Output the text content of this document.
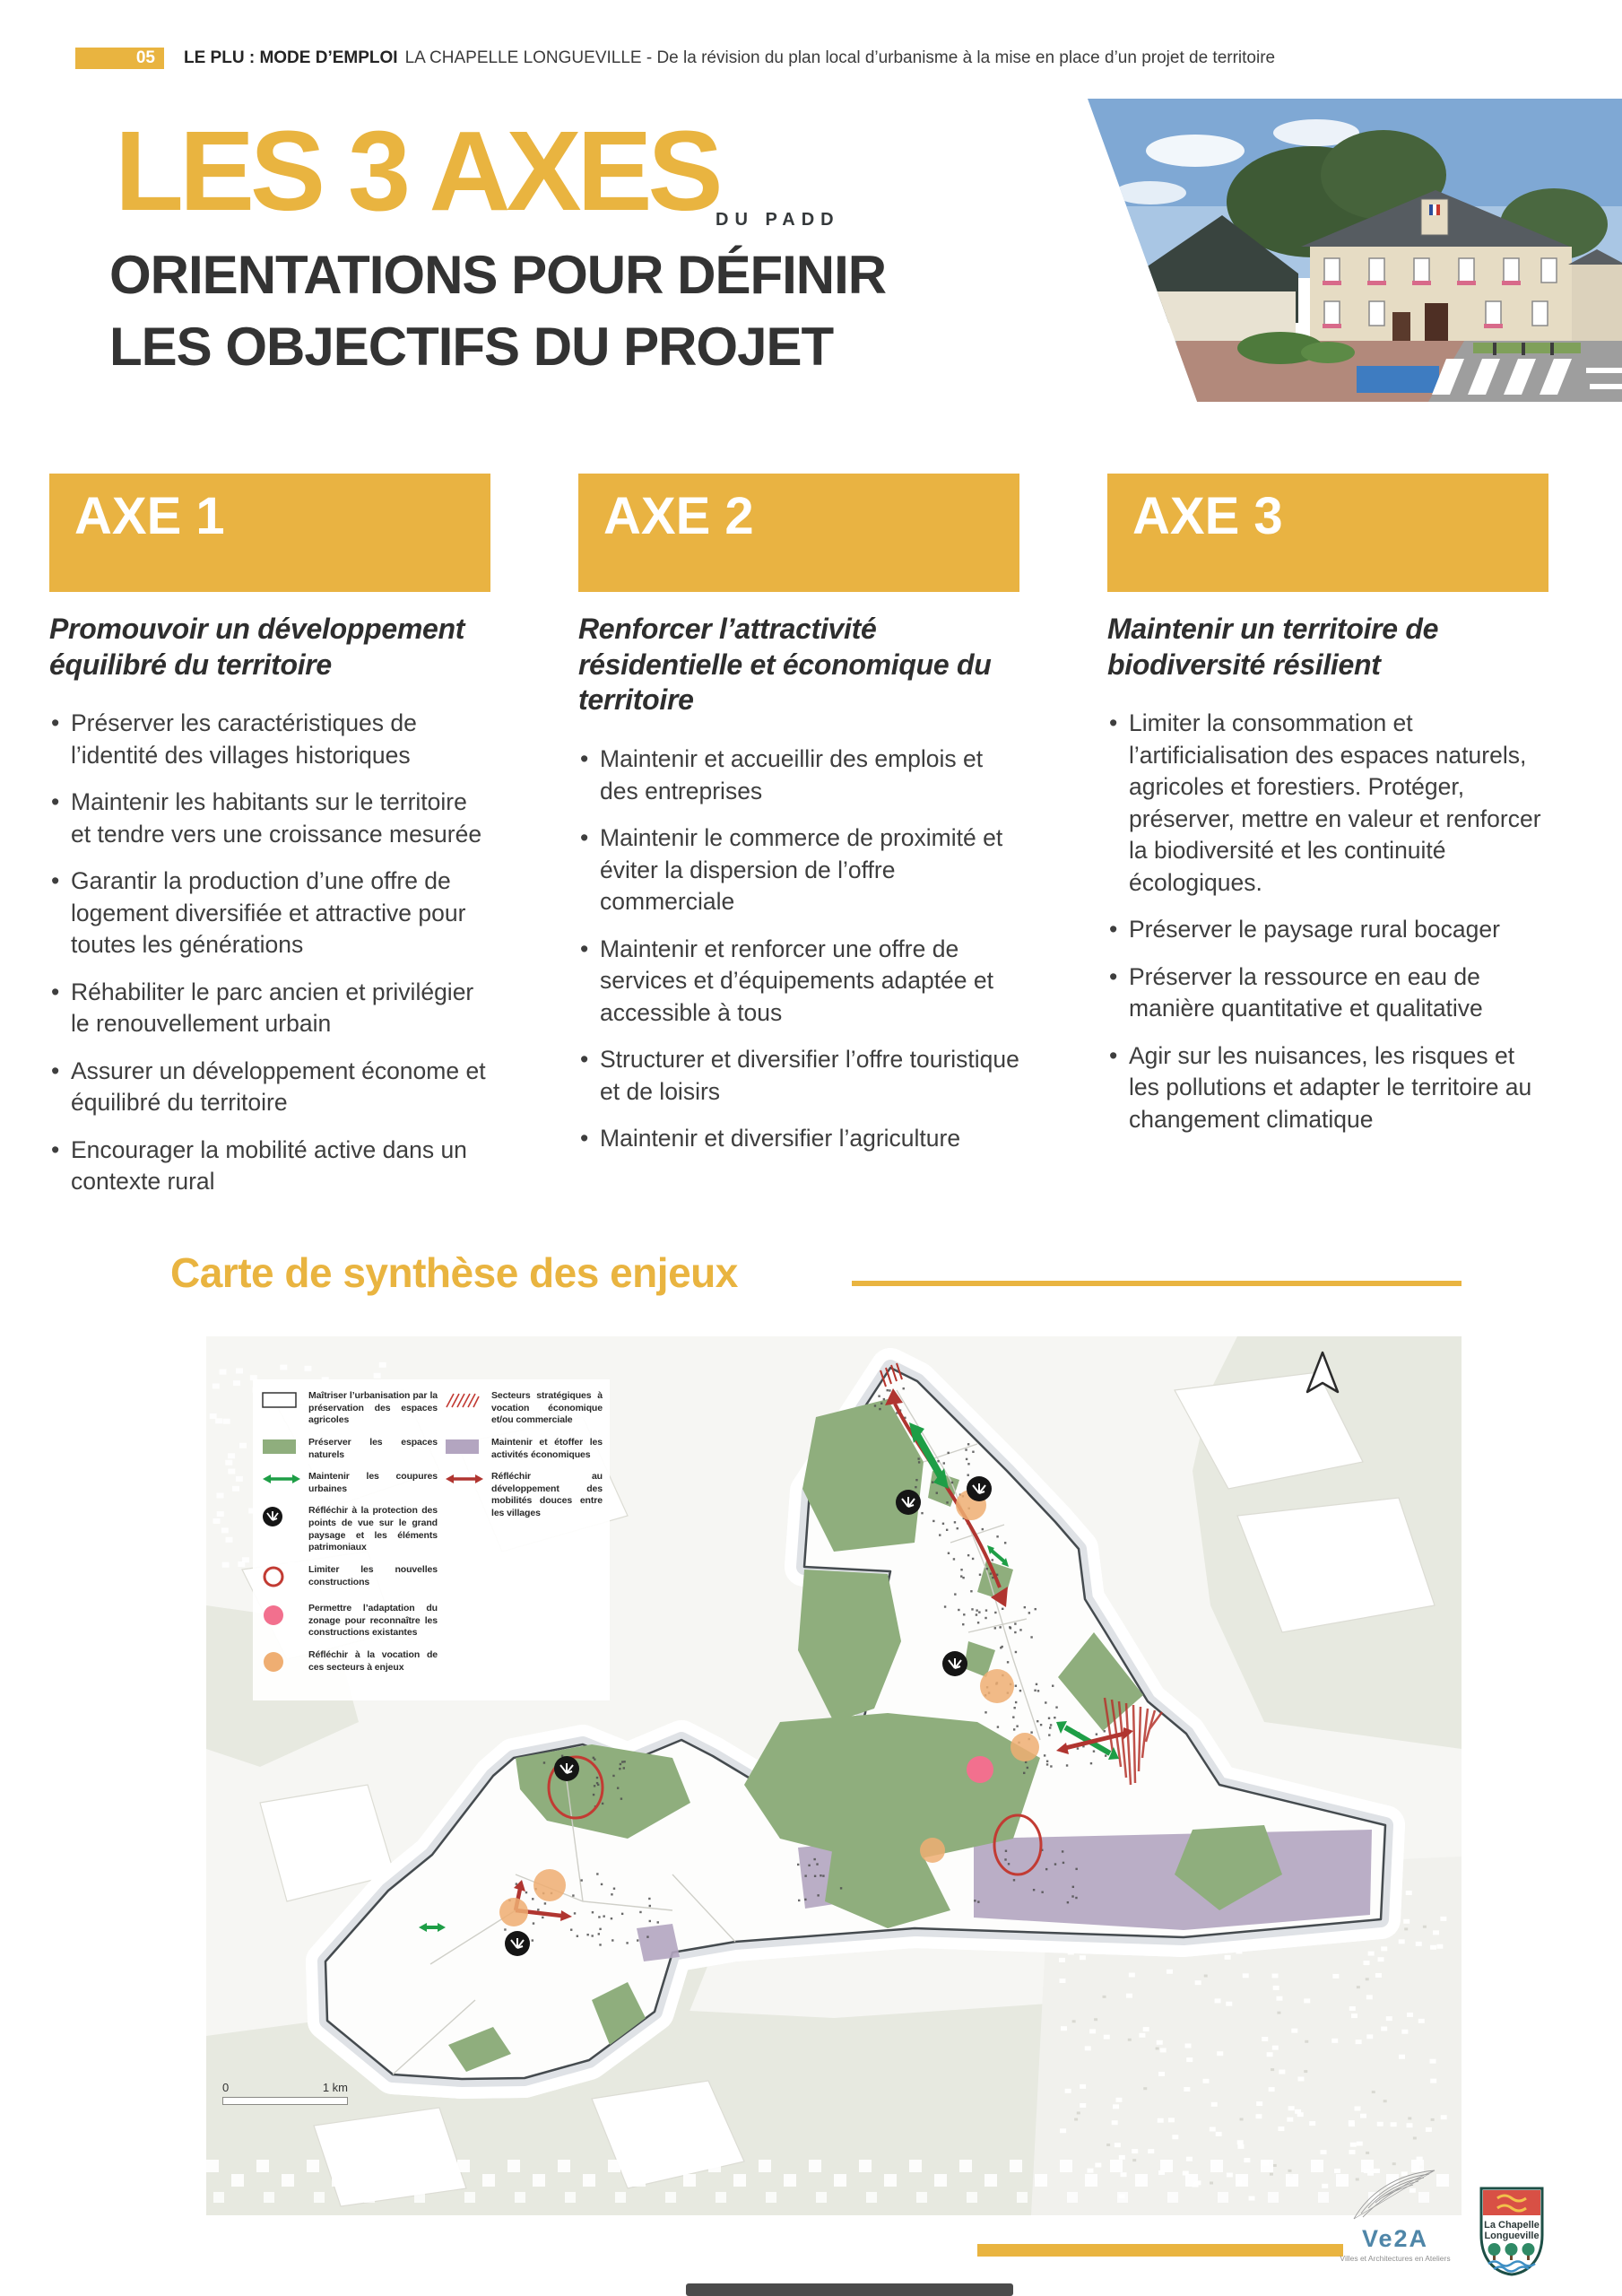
05	LE PLU : MODE D’EMPLOI LA CHAPELLE LONGUEVILLE - De la révision du plan local d’urbanisme à la mise en place d’un projet de territoire
LES 3 AXES
DU PADD
ORIENTATIONS POUR DÉFINIR
LES OBJECTIFS DU PROJET
AXE 1
Promouvoir un développement équilibré du territoire
• Préserver les caractéristiques de l’identité des villages historiques
• Maintenir les habitants sur le territoire et tendre vers une croissance mesurée
• Garantir la production d’une offre de logement diversifiée et attractive pour toutes les générations
• Réhabiliter le parc ancien et privilégier le renouvellement urbain
• Assurer un développement économe et équilibré du territoire
• Encourager la mobilité active dans un contexte rural
AXE 2
Renforcer l’attractivité résidentielle et économique du territoire
• Maintenir et accueillir des emplois et des entreprises
• Maintenir le commerce de proximité et éviter la dispersion de l’offre commerciale
• Maintenir et renforcer une offre de services et d’équipements adaptée et accessible à tous
• Structurer et diversifier l’offre touristique et de loisirs
• Maintenir et diversifier l’agriculture
AXE 3
Maintenir un territoire de biodiversité résilient
• Limiter la consommation et l’artificialisation des espaces naturels, agricoles et forestiers. Protéger, préserver, mettre en valeur et renforcer la biodiversité et les continuité écologiques.
• Préserver le paysage rural bocager
• Préserver la ressource en eau de manière quantitative et qualitative
• Agir sur les nuisances, les risques et les pollutions et adapter le territoire au changement climatique
Carte de synthèse des enjeux
Maîtriser l’urbanisation par la préservation des espaces agricoles
Préserver les espaces naturels
Maintenir les coupures urbaines
Réfléchir à la protection des points de vue sur le grand paysage et les éléments patrimoniaux
Limiter les nouvelles constructions
Permettre l’adaptation du zonage pour reconnaître les constructions existantes
Réfléchir à la vocation de ces secteurs à enjeux
Secteurs stratégiques à vocation économique et/ou commerciale
Maintenir et étoffer les activités économiques
Réfléchir au développement des mobilités douces entre les villages
0	1 km
Ve2A
Villes et Architectures en Ateliers
La Chapelle
Longueville
